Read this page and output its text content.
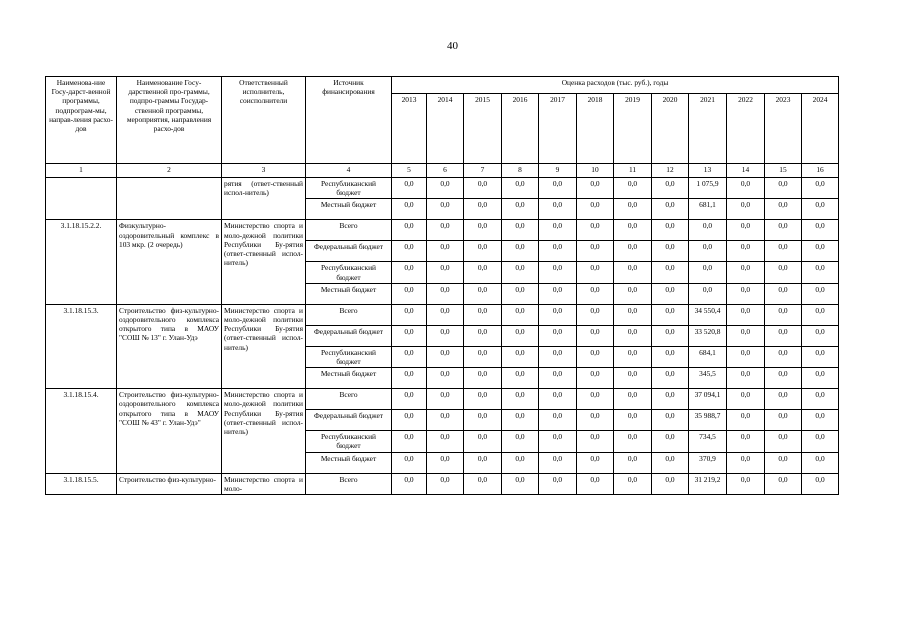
40
Наименова-ние Госу-дарст-венной программы, подпрограм-мы, направ-ления расхо-дов	Наименование Госу-дарственной про-граммы, подпро-граммы Государ-ственной программы, мероприятия, направления расхо-дов	Ответственный исполнитель, соисполнители	Источник финансирования	Оценка расходов (тыс. руб.), годы											
				2013	2014	2015	2016	2017	2018	2019	2020	2021	2022	2023	2024
1	2	3	4	5	6	7	8	9	10	11	12	13	14	15	16
		рятия (ответ-ственный испол-нитель)	Республиканский бюджет	0,0	0,0	0,0	0,0	0,0	0,0	0,0	0,0	1 075,9	0,0	0,0	0,0
			Местный бюджет	0,0	0,0	0,0	0,0	0,0	0,0	0,0	0,0	681,1	0,0	0,0	0,0
3.1.18.15.2.2.	Физкультурно-оздоровительный комплекс в 103 мкр. (2 очередь)	Министерство спорта и моло-дежной политики Республики Бу-рятия (ответ-ственный испол-нитель)	Всего	0,0	0,0	0,0	0,0	0,0	0,0	0,0	0,0	0,0	0,0	0,0	0,0
			Федеральный бюджет	0,0	0,0	0,0	0,0	0,0	0,0	0,0	0,0	0,0	0,0	0,0	0,0
			Республиканский бюджет	0,0	0,0	0,0	0,0	0,0	0,0	0,0	0,0	0,0	0,0	0,0	0,0
			Местный бюджет	0,0	0,0	0,0	0,0	0,0	0,0	0,0	0,0	0,0	0,0	0,0	0,0
3.1.18.15.3.	Строительство физ-культурно-оздоровительного комплекса открытого типа в МАОУ "СОШ № 13" г. Улан-Удэ	Министерство спорта и моло-дежной политики Республики Бу-рятия (ответ-ственный испол-нитель)	Всего	0,0	0,0	0,0	0,0	0,0	0,0	0,0	0,0	34 550,4	0,0	0,0	0,0
			Федеральный бюджет	0,0	0,0	0,0	0,0	0,0	0,0	0,0	0,0	33 520,8	0,0	0,0	0,0
			Республиканский бюджет	0,0	0,0	0,0	0,0	0,0	0,0	0,0	0,0	684,1	0,0	0,0	0,0
			Местный бюджет	0,0	0,0	0,0	0,0	0,0	0,0	0,0	0,0	345,5	0,0	0,0	0,0
3.1.18.15.4.	Строительство физ-культурно-оздоровительного комплекса открытого типа в МАОУ "СОШ № 43" г. Улан-Удэ"	Министерство спорта и моло-дежной политики Республики Бу-рятия (ответ-ственный испол-нитель)	Всего	0,0	0,0	0,0	0,0	0,0	0,0	0,0	0,0	37 094,1	0,0	0,0	0,0
			Федеральный бюджет	0,0	0,0	0,0	0,0	0,0	0,0	0,0	0,0	35 988,7	0,0	0,0	0,0
			Республиканский бюджет	0,0	0,0	0,0	0,0	0,0	0,0	0,0	0,0	734,5	0,0	0,0	0,0
			Местный бюджет	0,0	0,0	0,0	0,0	0,0	0,0	0,0	0,0	370,9	0,0	0,0	0,0
3.1.18.15.5.	Строительство физ-культурно-	Министерство спорта и моло-	Всего	0,0	0,0	0,0	0,0	0,0	0,0	0,0	0,0	31 219,2	0,0	0,0	0,0
